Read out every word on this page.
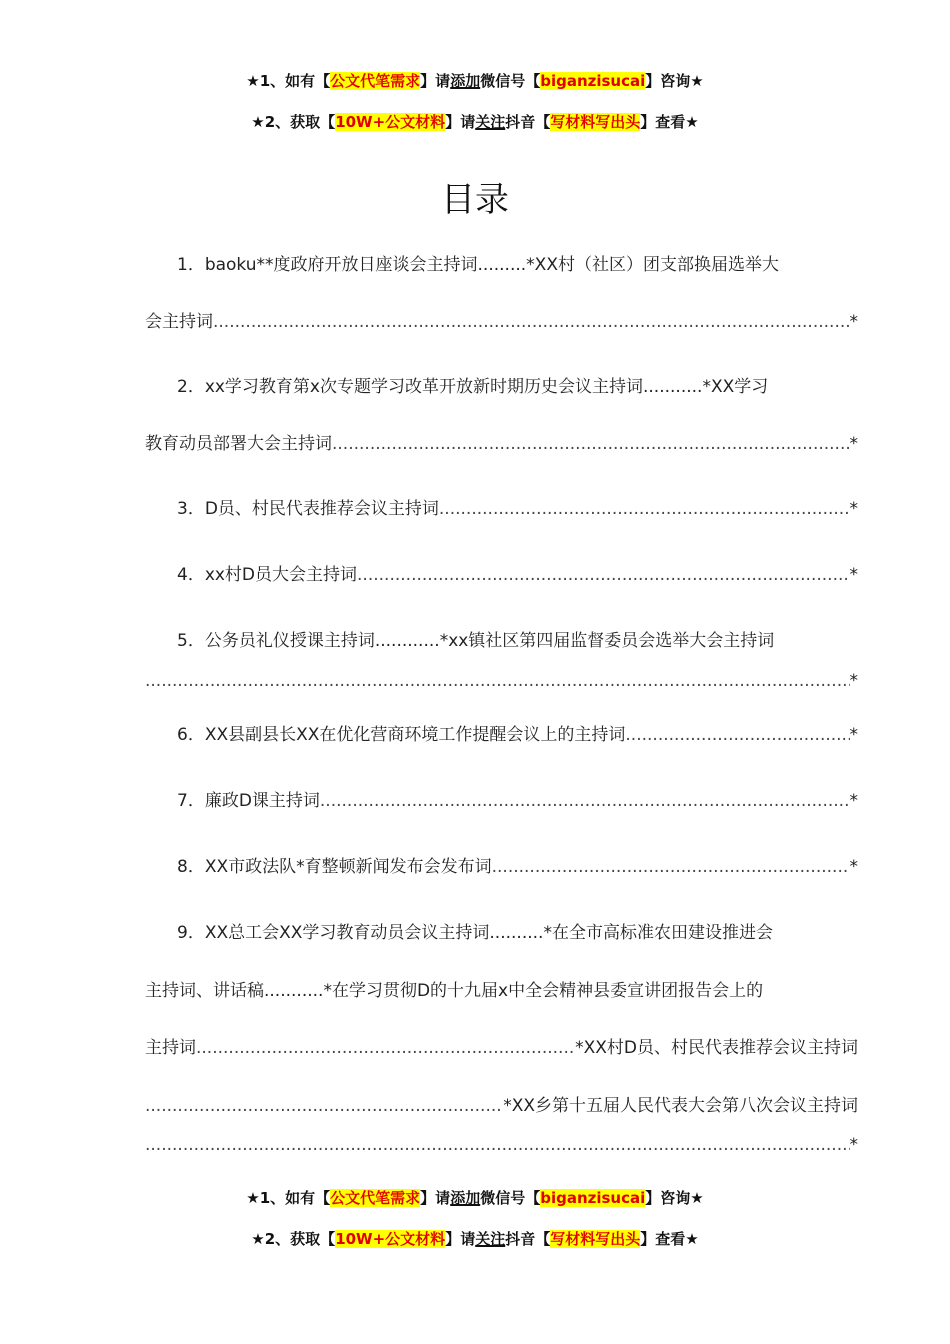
★1、如有【公文代笔需求】请添加微信号【biganzisucai】咨询★
★2、获取【10W+公文材料】请关注抖音【写材料写出头】查看★
目录
1．baoku**度政府开放日座谈会主持词 ......... *XX村（社区）团支部换届选举大
会主持词 .....	*
2．xx学习教育第x次专题学习改革开放新时期历史会议主持词 ........... *XX学习
教育动员部署大会主持词 .....	*
3．D员、村民代表推荐会议主持词 .....	*
4．xx村D员大会主持词 .....	*
5．公务员礼仪授课主持词 ............ *xx镇社区第四届监督委员会选举大会主持词
.....
*
6．XX县副县长XX在优化营商环境工作提醒会议上的主持词 .....	*
7．廉政D课主持词 .....	*
8．XX市政法队*育整顿新闻发布会发布词 .....	*
9．XX总工会XX学习教育动员会议主持词 .......... *在全市高标准农田建设推进会
主持词、讲话稿 ........... *在学习贯彻D的十九届x中全会精神县委宣讲团报告会上的
主持词 .....	*XX村D员、村民代表推荐会议主持词
.....
*XX乡第十五届人民代表大会第八次会议主持词
.....
*
★1、如有【公文代笔需求】请添加微信号【biganzisucai】咨询★
★2、获取【10W+公文材料】请关注抖音【写材料写出头】查看★
